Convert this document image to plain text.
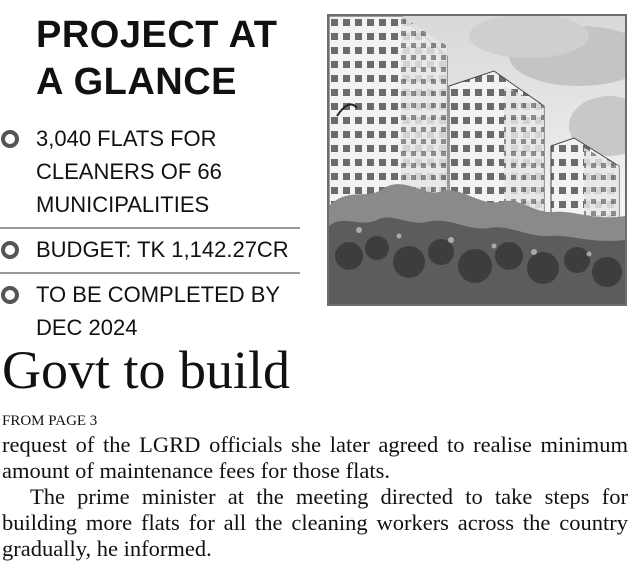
PROJECT AT A GLANCE
3,040 FLATS FOR CLEANERS OF 66 MUNICIPALITIES
BUDGET: TK 1,142.27CR
TO BE COMPLETED BY DEC 2024
Govt to build
FROM PAGE 3

request of the LGRD officials she later agreed to realise minimum amount of maintenance fees for those flats.

The prime minister at the meeting directed to take steps for building more flats for all the cleaning workers across the country gradually, he informed.
